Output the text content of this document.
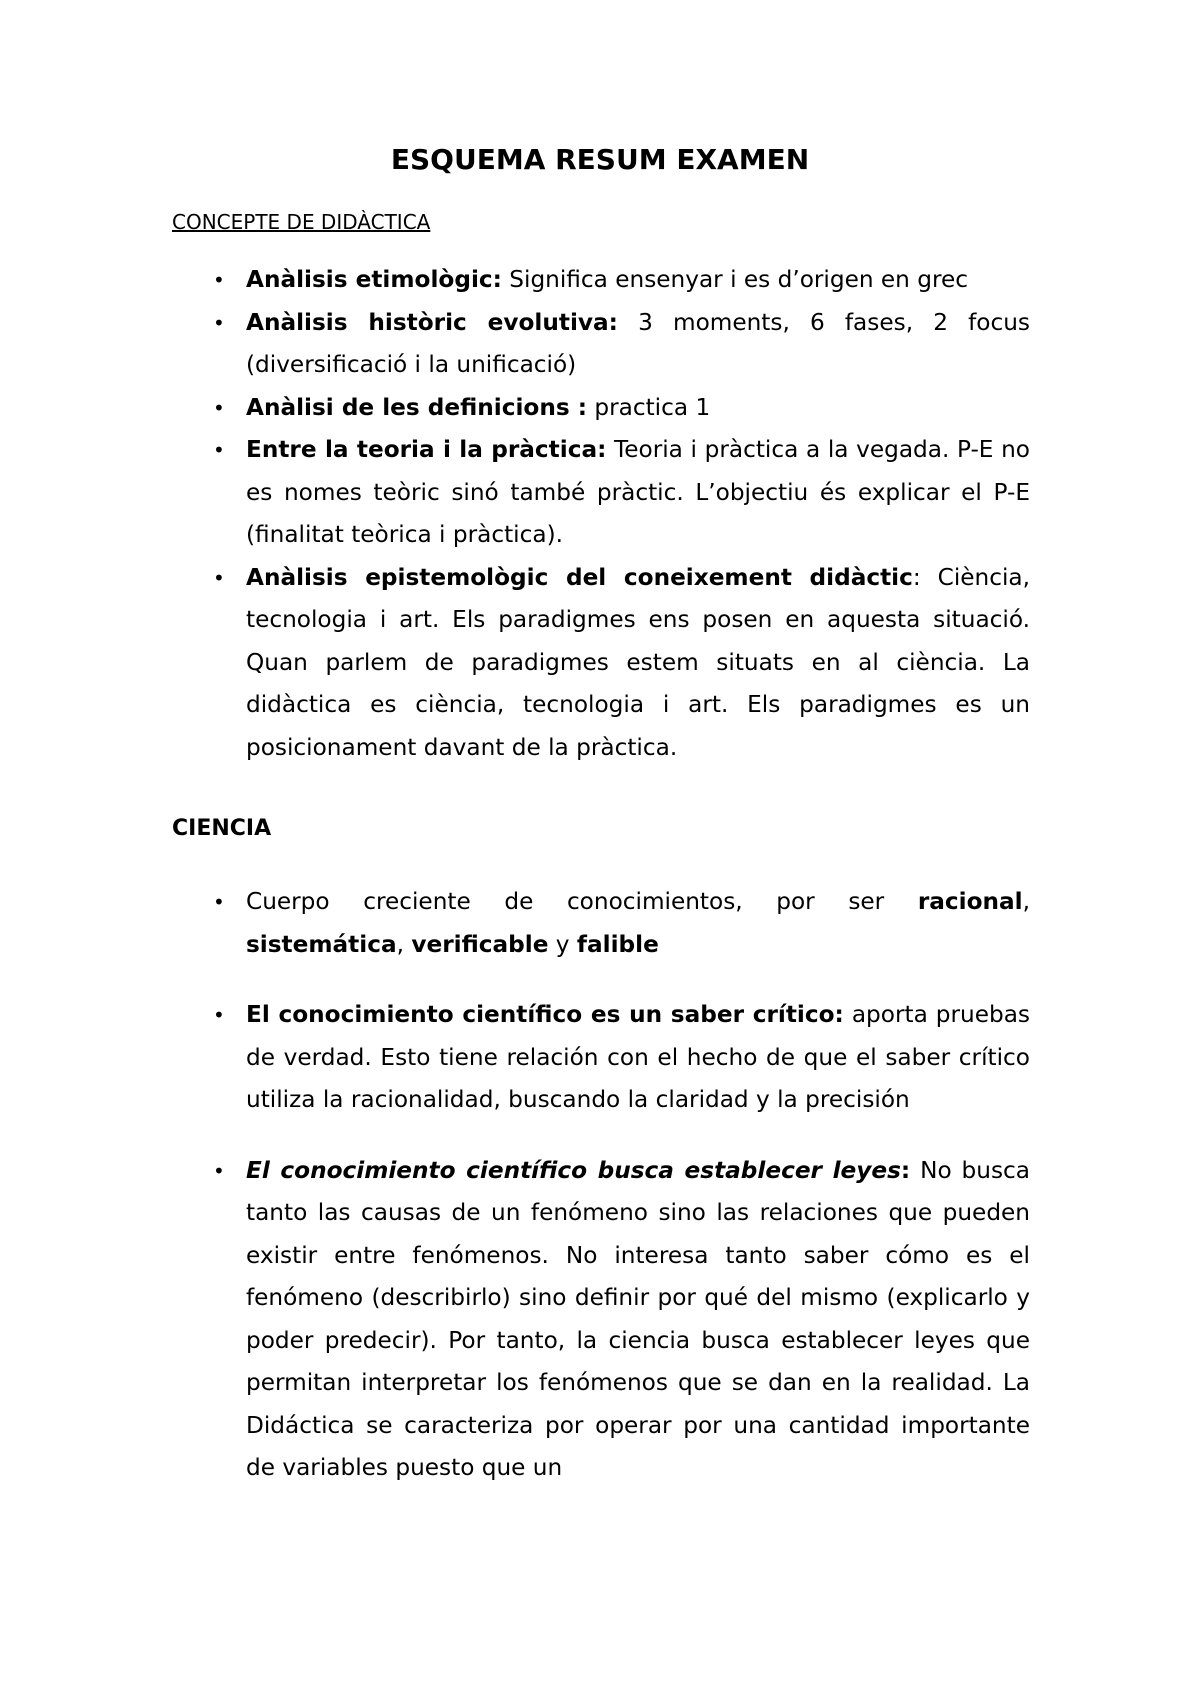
ESQUEMA RESUM EXAMEN

CONCEPTE DE DIDÀCTICA

• Anàlisis etimològic: Significa ensenyar i es d’origen en grec
• Anàlisis històric evolutiva: 3 moments, 6 fases, 2 focus (diversificació i la unificació)
• Anàlisi de les definicions : practica 1
• Entre la teoria i la pràctica: Teoria i pràctica a la vegada. P-E no es nomes teòric sinó també pràctic. L’objectiu és explicar el P-E (finalitat teòrica i pràctica).
• Anàlisis epistemològic del coneixement didàctic: Ciència, tecnologia i art. Els paradigmes ens posen en aquesta situació. Quan parlem de paradigmes estem situats en al ciència. La didàctica es ciència, tecnologia i art. Els paradigmes es un posicionament davant de la pràctica.

CIENCIA

• Cuerpo creciente de conocimientos, por ser racional, sistemática, verificable y falible
• El conocimiento científico es un saber crítico: aporta pruebas de verdad. Esto tiene relación con el hecho de que el saber crítico utiliza la racionalidad, buscando la claridad y la precisión
• El conocimiento científico busca establecer leyes: No busca tanto las causas de un fenómeno sino las relaciones que pueden existir entre fenómenos. No interesa tanto saber cómo es el fenómeno (describirlo) sino definir por qué del mismo (explicarlo y poder predecir). Por tanto, la ciencia busca establecer leyes que permitan interpretar los fenómenos que se dan en la realidad. La Didáctica se caracteriza por operar por una cantidad importante de variables puesto que un
